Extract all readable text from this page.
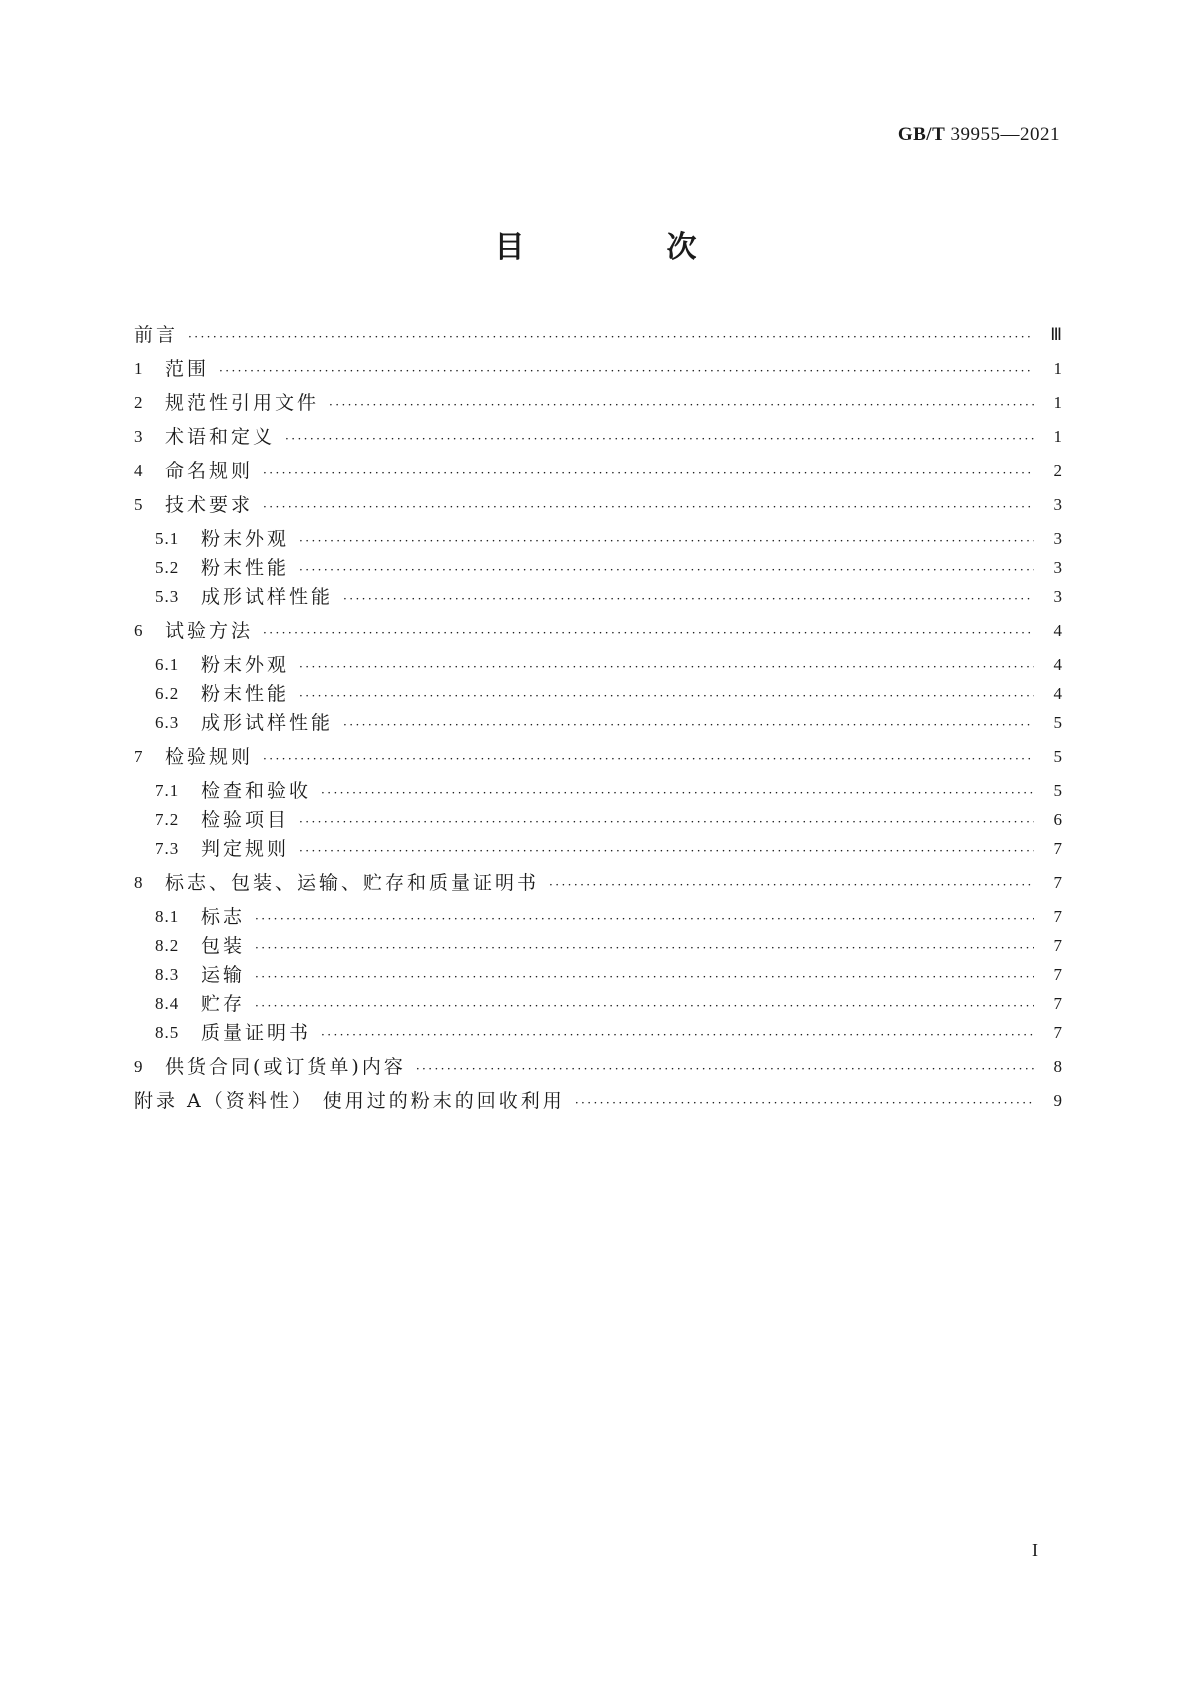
GB/T 39955—2021
目　次
前言 ·····	Ⅲ
1	范围 ·····	1
2	规范性引用文件 ·····	1
3	术语和定义 ·····	1
4	命名规则 ·····	2
5	技术要求 ·····	3
5.1	粉末外观 ·····	3
5.2	粉末性能 ·····	3
5.3	成形试样性能 ·····	3
6	试验方法 ·····	4
6.1	粉末外观 ·····	4
6.2	粉末性能 ·····	4
6.3	成形试样性能 ·····	5
7	检验规则 ·····	5
7.1	检查和验收 ·····	5
7.2	检验项目 ·····	6
7.3	判定规则 ·····	7
8	标志、包装、运输、贮存和质量证明书 ·····	7
8.1	标志 ·····	7
8.2	包装 ·····	7
8.3	运输 ·····	7
8.4	贮存 ·····	7
8.5	质量证明书 ·····	7
9	供货合同(或订货单)内容 ·····	8
附录 A（资料性） 使用过的粉末的回收利用 ·····	9
I
